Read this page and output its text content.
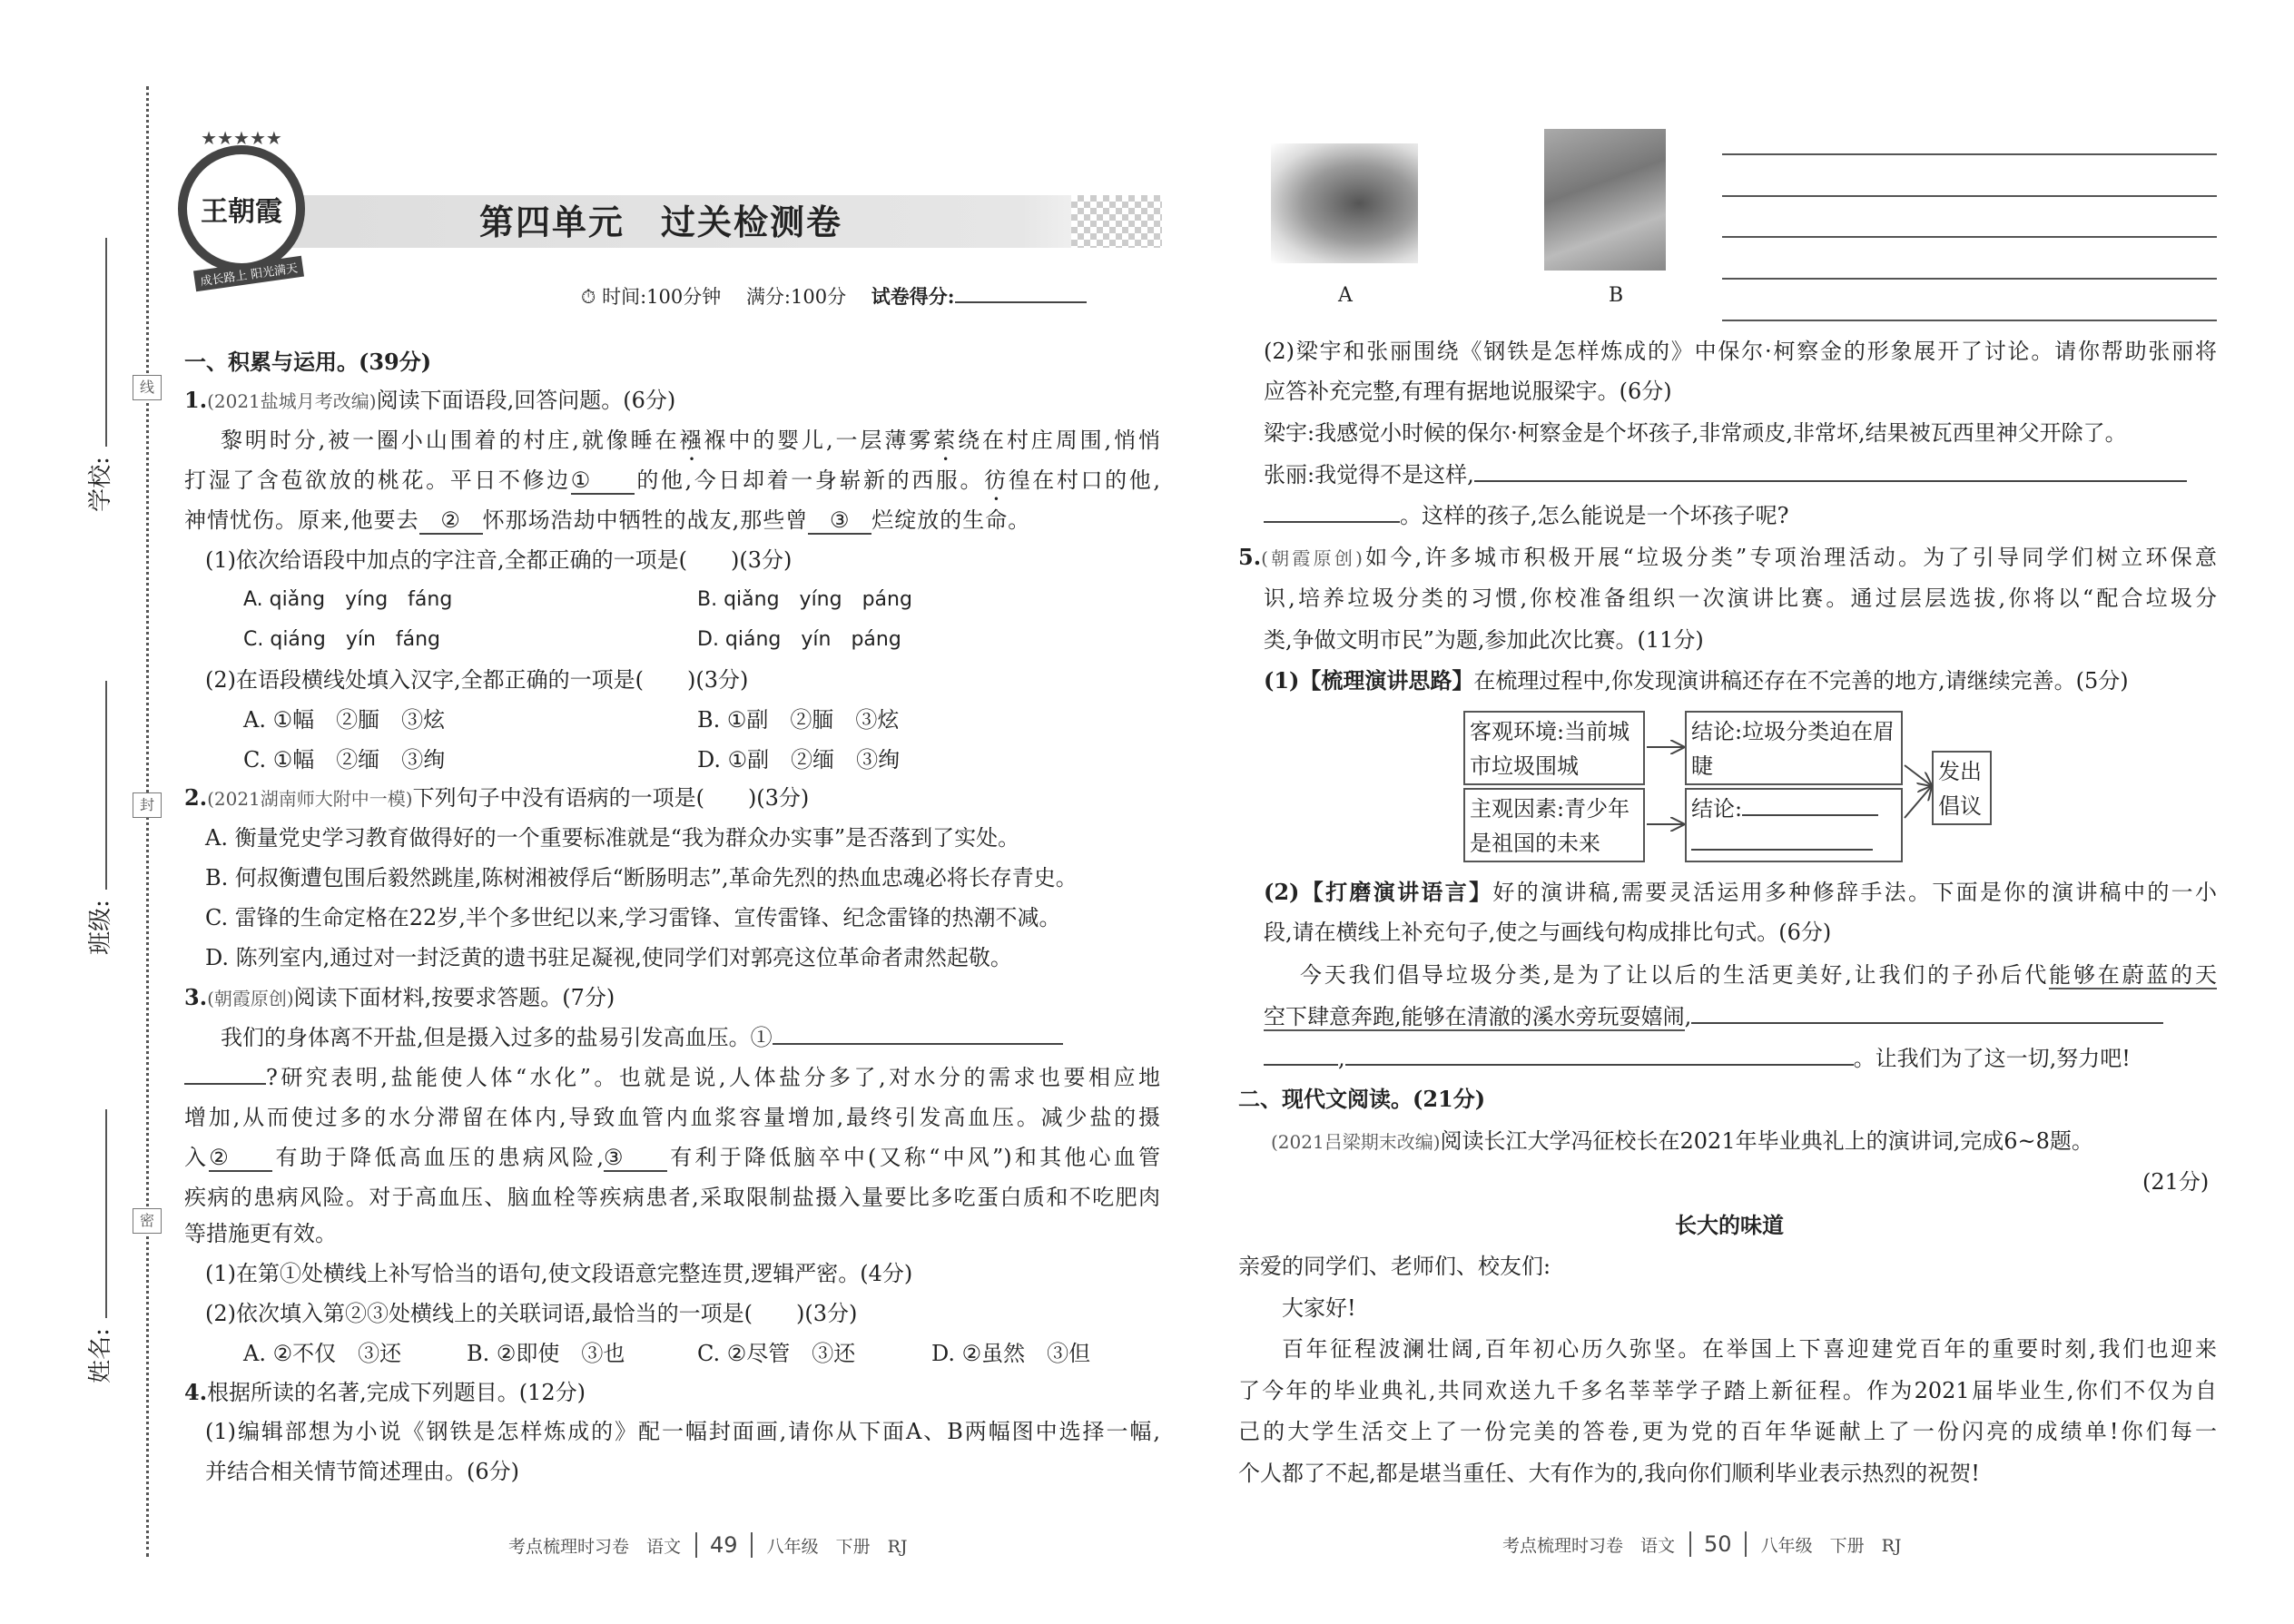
线
封
密
学校:
班级:
姓名:
★★★★★
王朝霞
成长路上 阳光满天
第四单元　过关检测卷
⏱ 时间:100分钟　 满分:100分　 试卷得分:
一、积累与运用。(39分)
1.(2021盐城月考改编)阅读下面语段,回答问题。(6分)
黎明时分,被一圈小山围着的村庄,就像睡在襁褓中的婴儿,一层薄雾萦绕在村庄周围,悄悄
打湿了含苞欲放的桃花。平日不修边① 的他,今日却着一身崭新的西服。彷徨在村口的他,
神情忧伤。原来,他要去 ② 怀那场浩劫中牺牲的战友,那些曾 ③ 烂绽放的生命。
(1)依次给语段中加点的字注音,全都正确的一项是(　　)(3分)
A. qiǎng　yíng　fáng	B. qiǎng　yíng　páng
C. qiáng　yín　fáng	D. qiáng　yín　páng
(2)在语段横线处填入汉字,全都正确的一项是(　　)(3分)
A. ①幅　②腼　③炫	B. ①副　②腼　③炫
C. ①幅　②缅　③绚	D. ①副　②缅　③绚
2.(2021湖南师大附中一模)下列句子中没有语病的一项是(　　)(3分)
A. 衡量党史学习教育做得好的一个重要标准就是“我为群众办实事”是否落到了实处。
B. 何叔衡遭包围后毅然跳崖,陈树湘被俘后“断肠明志”,革命先烈的热血忠魂必将长存青史。
C. 雷锋的生命定格在22岁,半个多世纪以来,学习雷锋、宣传雷锋、纪念雷锋的热潮不减。
D. 陈列室内,通过对一封泛黄的遗书驻足凝视,使同学们对郭亮这位革命者肃然起敬。
3.(朝霞原创)阅读下面材料,按要求答题。(7分)
我们的身体离不开盐,但是摄入过多的盐易引发高血压。①
?研究表明,盐能使人体“水化”。也就是说,人体盐分多了,对水分的需求也要相应地
增加,从而使过多的水分滞留在体内,导致血管内血浆容量增加,最终引发高血压。减少盐的摄
入② 有助于降低高血压的患病风险,③ 有利于降低脑卒中(又称“中风”)和其他心血管
疾病的患病风险。对于高血压、脑血栓等疾病患者,采取限制盐摄入量要比多吃蛋白质和不吃肥肉
等措施更有效。
(1)在第①处横线上补写恰当的语句,使文段语意完整连贯,逻辑严密。(4分)
(2)依次填入第②③处横线上的关联词语,最恰当的一项是(　　)(3分)
A. ②不仅　③还	B. ②即使　③也	C. ②尽管　③还	D. ②虽然　③但
4.根据所读的名著,完成下列题目。(12分)
(1)编辑部想为小说《钢铁是怎样炼成的》配一幅封面画,请你从下面A、B两幅图中选择一幅,
并结合相关情节简述理由。(6分)
考点梳理时习卷　语文 49 八年级　下册　RJ
A	B
(2)梁宇和张丽围绕《钢铁是怎样炼成的》中保尔·柯察金的形象展开了讨论。请你帮助张丽将
应答补充完整,有理有据地说服梁宇。(6分)
梁宇:我感觉小时候的保尔·柯察金是个坏孩子,非常顽皮,非常坏,结果被瓦西里神父开除了。
张丽:我觉得不是这样,
。这样的孩子,怎么能说是一个坏孩子呢?
5.(朝霞原创)如今,许多城市积极开展“垃圾分类”专项治理活动。为了引导同学们树立环保意
识,培养垃圾分类的习惯,你校准备组织一次演讲比赛。通过层层选拔,你将以“配合垃圾分
类,争做文明市民”为题,参加此次比赛。(11分)
(1)【梳理演讲思路】在梳理过程中,你发现演讲稿还存在不完善的地方,请继续完善。(5分)
客观环境:当前城市垃圾围城
结论:垃圾分类迫在眉睫
主观因素:青少年是祖国的未来
结论:

发出倡议
(2)【打磨演讲语言】好的演讲稿,需要灵活运用多种修辞手法。下面是你的演讲稿中的一小
段,请在横线上补充句子,使之与画线句构成排比句式。(6分)
今天我们倡导垃圾分类,是为了让以后的生活更美好,让我们的子孙后代能够在蔚蓝的天
空下肆意奔跑,能够在清澈的溪水旁玩耍嬉闹,
,	。让我们为了这一切,努力吧!
二、现代文阅读。(21分)
(2021吕梁期末改编)阅读长江大学冯征校长在2021年毕业典礼上的演讲词,完成6~8题。
(21分)
长大的味道
亲爱的同学们、老师们、校友们:
大家好!
百年征程波澜壮阔,百年初心历久弥坚。在举国上下喜迎建党百年的重要时刻,我们也迎来
了今年的毕业典礼,共同欢送九千多名莘莘学子踏上新征程。作为2021届毕业生,你们不仅为自
己的大学生活交上了一份完美的答卷,更为党的百年华诞献上了一份闪亮的成绩单!你们每一
个人都了不起,都是堪当重任、大有作为的,我向你们顺利毕业表示热烈的祝贺!
考点梳理时习卷　语文 50 八年级　下册　RJ
